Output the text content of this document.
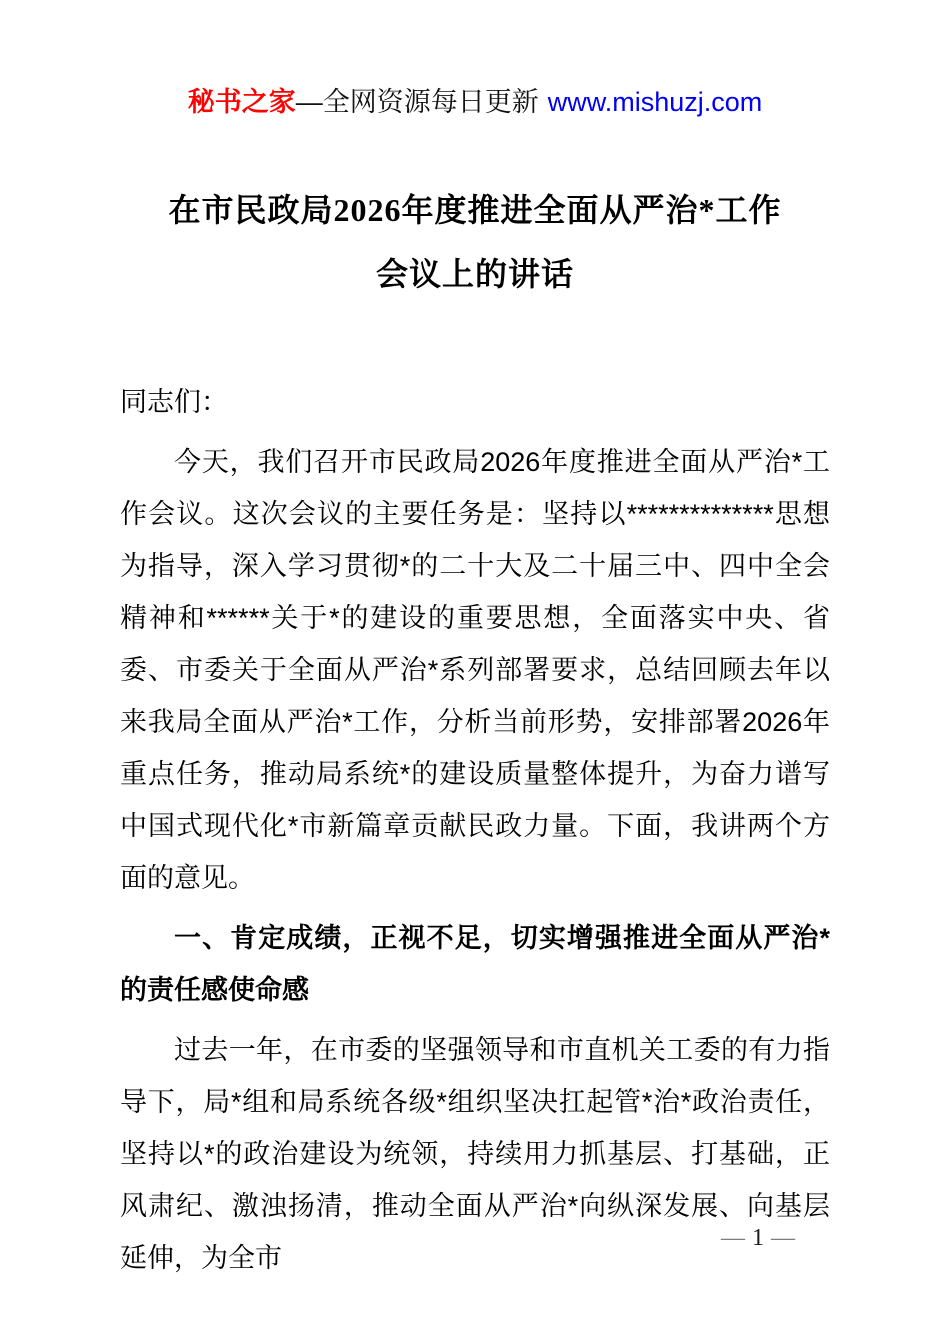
秘书之家—全网资源每日更新 www.mishuzj.com
在市民政局2026年度推进全面从严治*工作
会议上的讲话

同志们：

今天，我们召开市民政局2026年度推进全面从严治*工作会议。这次会议的主要任务是：坚持以**************思想为指导，深入学习贯彻*的二十大及二十届三中、四中全会精神和******关于*的建设的重要思想，全面落实中央、省委、市委关于全面从严治*系列部署要求，总结回顾去年以来我局全面从严治*工作，分析当前形势，安排部署2026年重点任务，推动局系统*的建设质量整体提升，为奋力谱写中国式现代化*市新篇章贡献民政力量。下面，我讲两个方面的意见。

一、肯定成绩，正视不足，切实增强推进全面从严治*的责任感使命感

过去一年，在市委的坚强领导和市直机关工委的有力指导下，局*组和局系统各级*组织坚决扛起管*治*政治责任，坚持以*的政治建设为统领，持续用力抓基层、打基础，正风肃纪、激浊扬清，推动全面从严治*向纵深发展、向基层延伸，为全市

— 1 —
